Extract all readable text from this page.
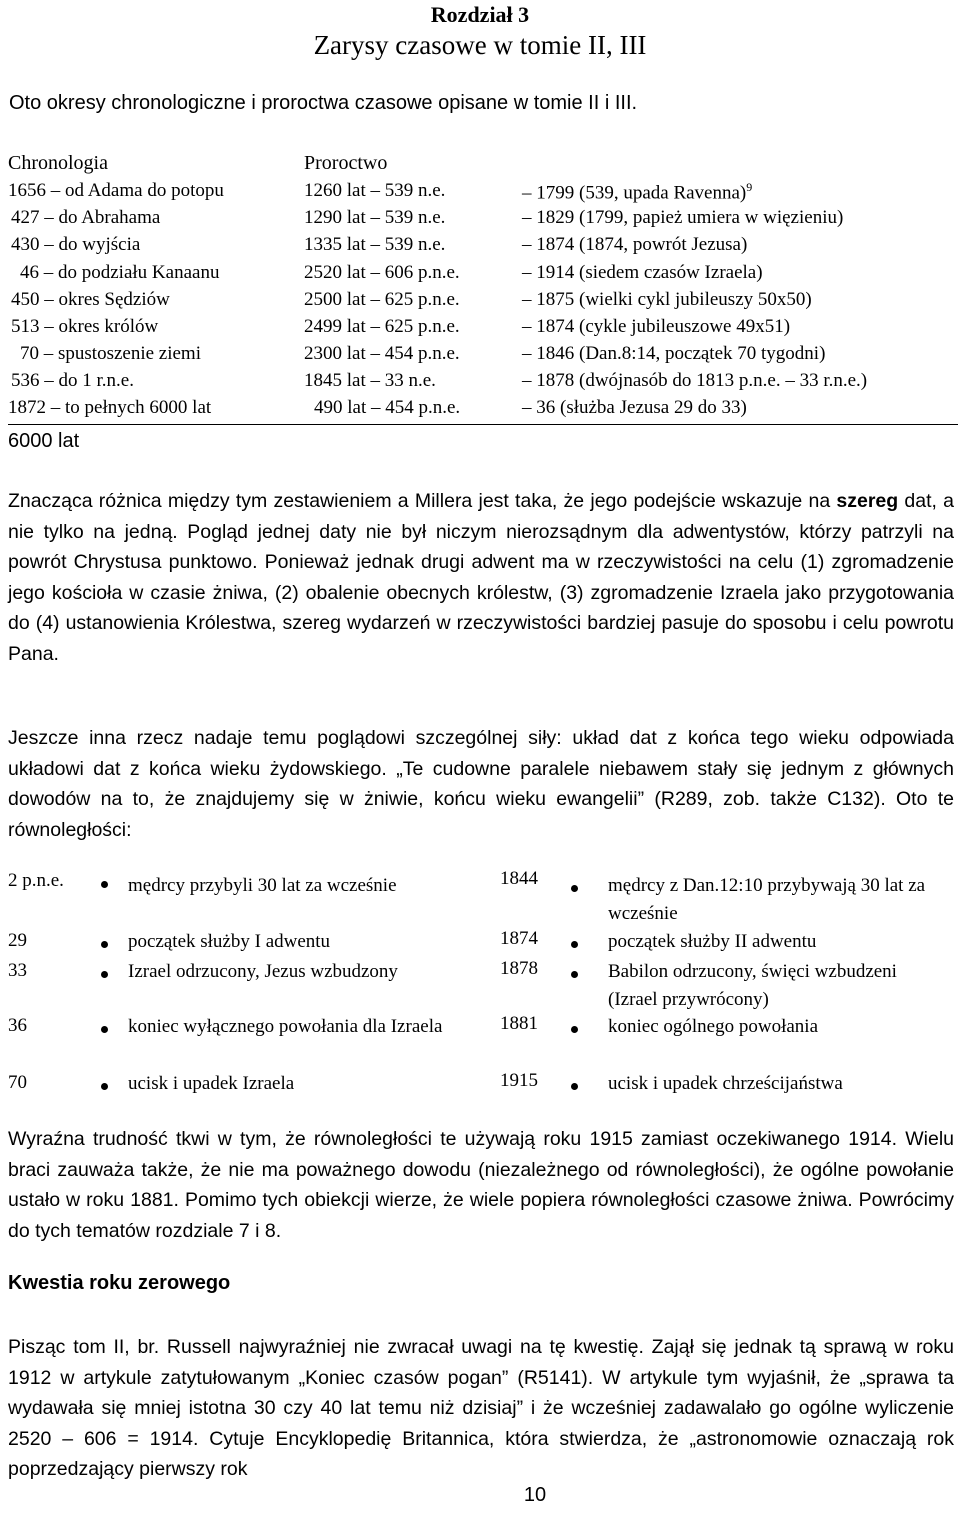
Rozdział 3
Zarysy czasowe w tomie II, III
Oto okresy chronologiczne i proroctwa czasowe opisane w tomie II i III.
Chronologia	Proroctwo
1656 – od Adama do potopu	1260 lat – 539 n.e.	– 1799 (539, upada Ravenna)$^9$
427 – do Abrahama	1290 lat – 539 n.e.	– 1829 (1799, papież umiera w więzieniu)
430 – do wyjścia	1335 lat – 539 n.e.	– 1874 (1874, powrót Jezusa)
46 – do podziału Kanaanu	2520 lat – 606 p.n.e.	– 1914 (siedem czasów Izraela)
450 – okres Sędziów	2500 lat – 625 p.n.e.	– 1875 (wielki cykl jubileuszy 50x50)
513 – okres królów	2499 lat – 625 p.n.e.	– 1874 (cykle jubileuszowe 49x51)
70 – spustoszenie ziemi	2300 lat – 454 p.n.e.	– 1846 (Dan.8:14, początek 70 tygodni)
536 – do 1 r.n.e.	1845 lat – 33 n.e.	– 1878 (dwójnasób do 1813 p.n.e. – 33 r.n.e.)
1872 – to pełnych 6000 lat	490 lat – 454 p.n.e.	– 36 (służba Jezusa 29 do 33)
6000 lat
Znacząca różnica między tym zestawieniem a Millera jest taka, że jego podejście wskazuje na szereg dat, a nie tylko na jedną. Pogląd jednej daty nie był niczym nierozsądnym dla adwentystów, którzy patrzyli na powrót Chrystusa punktowo. Ponieważ jednak drugi adwent ma w rzeczywistości na celu (1) zgromadzenie jego kościoła w czasie żniwa, (2) obalenie obecnych królestw, (3) zgromadzenie Izraela jako przygotowania do (4) ustanowienia Królestwa, szereg wydarzeń w rzeczywistości bardziej pasuje do sposobu i celu powrotu Pana.
Jeszcze inna rzecz nadaje temu poglądowi szczególnej siły: układ dat z końca tego wieku odpowiada układowi dat z końca wieku żydowskiego. „Te cudowne paralele niebawem stały się jednym z głównych dowodów na to, że znajdujemy się w żniwie, końcu wieku ewangelii” (R289, zob. także C132). Oto te równoległości:
2 p.n.e.	mędrcy przybyli 30 lat za wcześnie	1844	mędrcy z Dan.12:10 przybywają 30 lat za wcześnie
29	początek służby I adwentu	1874	początek służby II adwentu
33	Izrael odrzucony, Jezus wzbudzony	1878	Babilon odrzucony, święci wzbudzeni (Izrael przywrócony)
36	koniec wyłącznego powołania dla Izraela	1881	koniec ogólnego powołania
70	ucisk i upadek Izraela	1915	ucisk i upadek chrześcijaństwa
Wyraźna trudność tkwi w tym, że równoległości te używają roku 1915 zamiast oczekiwanego 1914. Wielu braci zauważa także, że nie ma poważnego dowodu (niezależnego od równoległości), że ogólne powołanie ustało w roku 1881. Pomimo tych obiekcji wierze, że wiele popiera równoległości czasowe żniwa. Powrócimy do tych tematów rozdziale 7 i 8.
Kwestia roku zerowego
Pisząc tom II, br. Russell najwyraźniej nie zwracał uwagi na tę kwestię. Zajął się jednak tą sprawą w roku 1912 w artykule zatytułowanym „Koniec czasów pogan” (R5141). W artykule tym wyjaśnił, że „sprawa ta wydawała się mniej istotna 30 czy 40 lat temu niż dzisiaj” i że wcześniej zadawalało go ogólne wyliczenie 2520 – 606 = 1914. Cytuje Encyklopedię Britannica, która stwierdza, że „astronomowie oznaczają rok poprzedzający pierwszy rok
10
